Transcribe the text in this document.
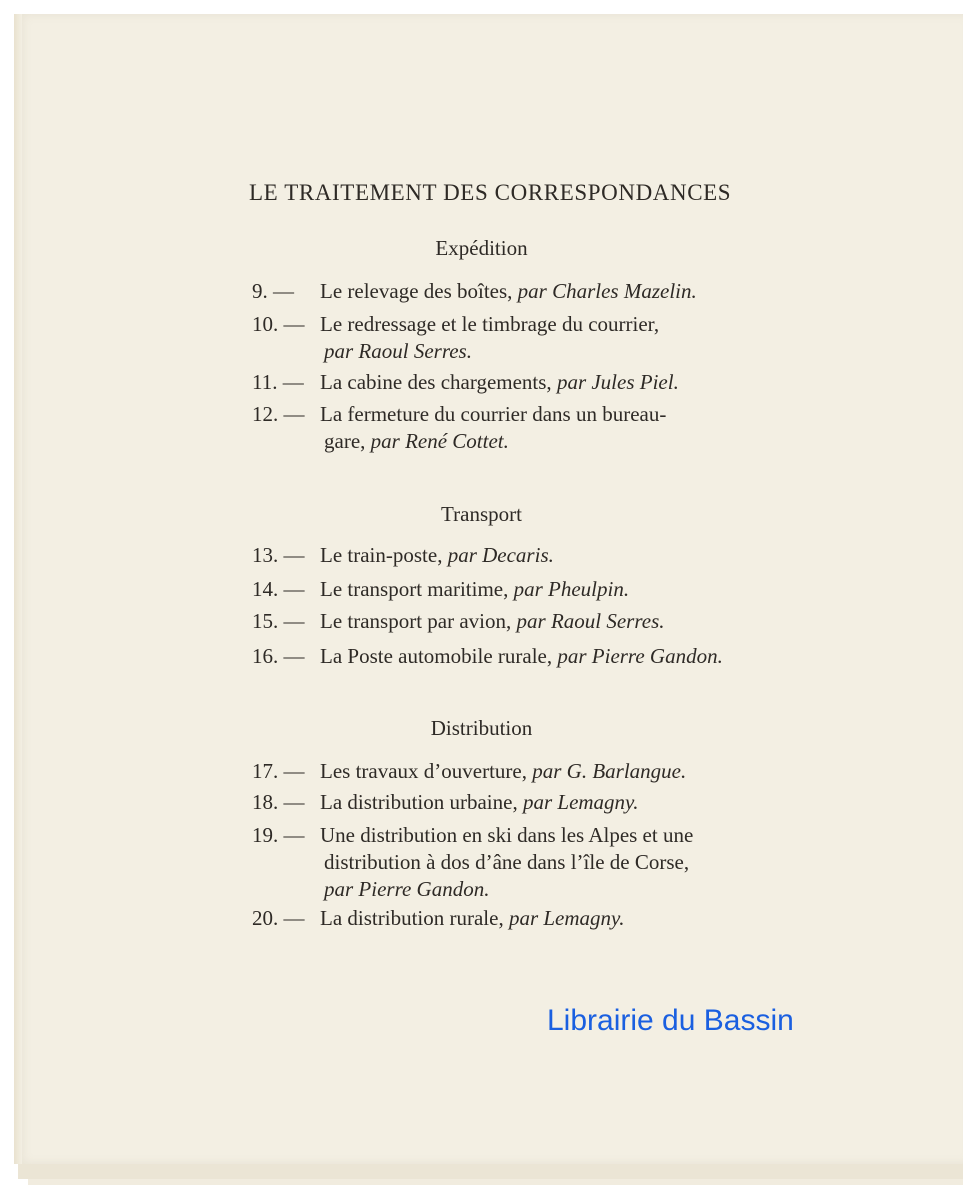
LE TRAITEMENT DES CORRESPONDANCES
Expédition
9. — Le relevage des boîtes, par Charles Mazelin.
10. — Le redressage et le timbrage du courrier,
par Raoul Serres.
11. — La cabine des chargements, par Jules Piel.
12. — La fermeture du courrier dans un bureau-
gare, par René Cottet.
Transport
13. — Le train-poste, par Decaris.
14. — Le transport maritime, par Pheulpin.
15. — Le transport par avion, par Raoul Serres.
16. — La Poste automobile rurale, par Pierre Gandon.
Distribution
17. — Les travaux d’ouverture, par G. Barlangue.
18. — La distribution urbaine, par Lemagny.
19. — Une distribution en ski dans les Alpes et une
distribution à dos d’âne dans l’île de Corse,
par Pierre Gandon.
20. — La distribution rurale, par Lemagny.
Librairie du Bassin
